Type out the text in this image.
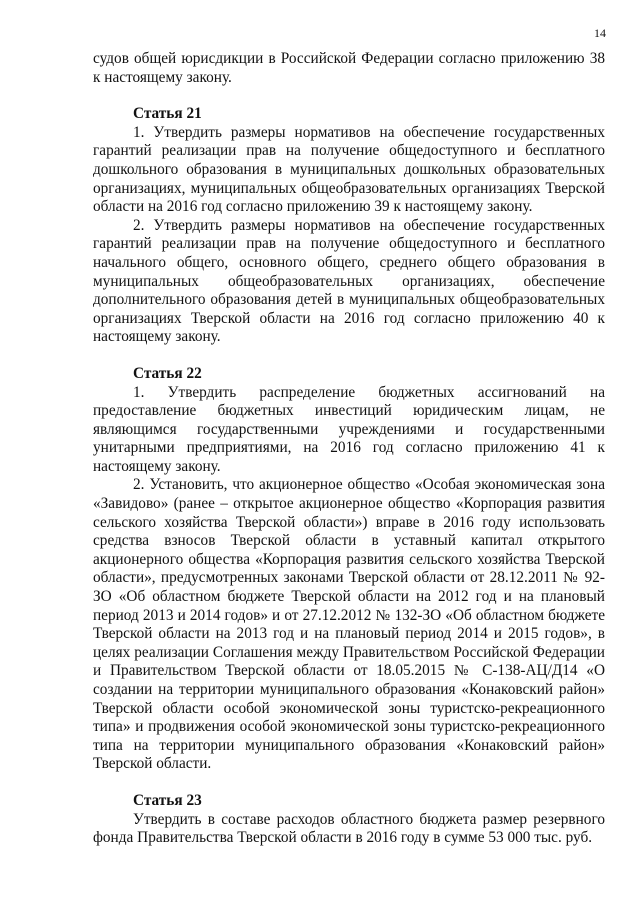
14

судов общей юрисдикции в Российской Федерации согласно приложению 38 к настоящему закону.

Статья 21

1. Утвердить размеры нормативов на обеспечение государственных гарантий реализации прав на получение общедоступного и бесплатного дошкольного образования в муниципальных дошкольных образовательных организациях, муниципальных общеобразовательных организациях Тверской области на 2016 год согласно приложению 39 к настоящему закону.

2. Утвердить размеры нормативов на обеспечение государственных гарантий реализации прав на получение общедоступного и бесплатного начального общего, основного общего, среднего общего образования в муниципальных общеобразовательных организациях, обеспечение дополнительного образования детей в муниципальных общеобразовательных организациях Тверской области на 2016 год согласно приложению 40 к настоящему закону.

Статья 22

1. Утвердить распределение бюджетных ассигнований на предоставление бюджетных инвестиций юридическим лицам, не являющимся государственными учреждениями и государственными унитарными предприятиями, на 2016 год согласно приложению 41 к настоящему закону.

2. Установить, что акционерное общество «Особая экономическая зона «Завидово» (ранее – открытое акционерное общество «Корпорация развития сельского хозяйства Тверской области») вправе в 2016 году использовать средства взносов Тверской области в уставный капитал открытого акционерного общества «Корпорация развития сельского хозяйства Тверской области», предусмотренных законами Тверской области от 28.12.2011 № 92-ЗО «Об областном бюджете Тверской области на 2012 год и на плановый период 2013 и 2014 годов» и от 27.12.2012 № 132-ЗО «Об областном бюджете Тверской области на 2013 год и на плановый период 2014 и 2015 годов», в целях реализации Соглашения между Правительством Российской Федерации и Правительством Тверской области от 18.05.2015 № С-138-АЦ/Д14 «О создании на территории муниципального образования «Конаковский район» Тверской области особой экономической зоны туристско-рекреационного типа» и продвижения особой экономической зоны туристско-рекреационного типа на территории муниципального образования «Конаковский район» Тверской области.

Статья 23

Утвердить в составе расходов областного бюджета размер резервного фонда Правительства Тверской области в 2016 году в сумме 53 000 тыс. руб.
